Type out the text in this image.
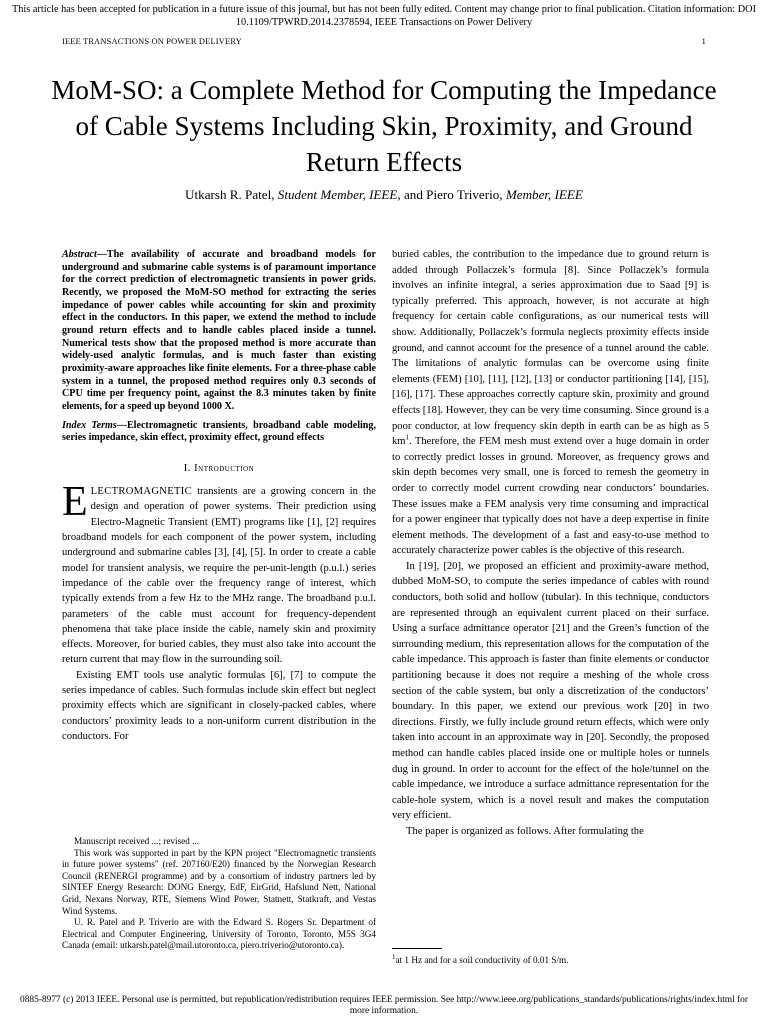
This article has been accepted for publication in a future issue of this journal, but has not been fully edited. Content may change prior to final publication. Citation information: DOI 10.1109/TPWRD.2014.2378594, IEEE Transactions on Power Delivery
IEEE TRANSACTIONS ON POWER DELIVERY	1
MoM-SO: a Complete Method for Computing the Impedance of Cable Systems Including Skin, Proximity, and Ground Return Effects
Utkarsh R. Patel, Student Member, IEEE, and Piero Triverio, Member, IEEE

Abstract—The availability of accurate and broadband models for underground and submarine cable systems is of paramount importance for the correct prediction of electromagnetic transients in power grids. Recently, we proposed the MoM-SO method for extracting the series impedance of power cables while accounting for skin and proximity effect in the conductors. In this paper, we extend the method to include ground return effects and to handle cables placed inside a tunnel. Numerical tests show that the proposed method is more accurate than widely-used analytic formulas, and is much faster than existing proximity-aware approaches like finite elements. For a three-phase cable system in a tunnel, the proposed method requires only 0.3 seconds of CPU time per frequency point, against the 8.3 minutes taken by finite elements, for a speed up beyond 1000 X.

Index Terms—Electromagnetic transients, broadband cable modeling, series impedance, skin effect, proximity effect, ground effects

I. Introduction

ELECTROMAGNETIC transients are a growing concern in the design and operation of power systems. Their prediction using Electro-Magnetic Transient (EMT) programs like [1], [2] requires broadband models for each component of the power system, including underground and submarine cables [3], [4], [5]. In order to create a cable model for transient analysis, we require the per-unit-length (p.u.l.) series impedance of the cable over the frequency range of interest, which typically extends from a few Hz to the MHz range. The broadband p.u.l. parameters of the cable must account for frequency-dependent phenomena that take place inside the cable, namely skin and proximity effects. Moreover, for buried cables, they must also take into account the return current that may flow in the surrounding soil.

Existing EMT tools use analytic formulas [6], [7] to compute the series impedance of cables. Such formulas include skin effect but neglect proximity effects which are significant in closely-packed cables, where conductors’ proximity leads to a non-uniform current distribution in the conductors. For

Manuscript received ...; revised ...

This work was supported in part by the KPN project "Electromagnetic transients in future power systems" (ref. 207160/E20) financed by the Norwegian Research Council (RENERGI programme) and by a consortium of industry partners led by SINTEF Energy Research: DONG Energy, EdF, EirGrid, Hafslund Nett, National Grid, Nexans Norway, RTE, Siemens Wind Power, Statnett, Statkraft, and Vestas Wind Systems.

U. R. Patel and P. Triverio are with the Edward S. Rogers Sr. Department of Electrical and Computer Engineering, University of Toronto, Toronto, M5S 3G4 Canada (email: utkarsh.patel@mail.utoronto.ca, piero.triverio@utoronto.ca).

buried cables, the contribution to the impedance due to ground return is added through Pollaczek’s formula [8]. Since Pollaczek’s formula involves an infinite integral, a series approximation due to Saad [9] is typically preferred. This approach, however, is not accurate at high frequency for certain cable configurations, as our numerical tests will show. Additionally, Pollaczek’s formula neglects proximity effects inside ground, and cannot account for the presence of a tunnel around the cable. The limitations of analytic formulas can be overcome using finite elements (FEM) [10], [11], [12], [13] or conductor partitioning [14], [15], [16], [17]. These approaches correctly capture skin, proximity and ground effects [18]. However, they can be very time consuming. Since ground is a poor conductor, at low frequency skin depth in earth can be as high as 5 $km^1$. Therefore, the FEM mesh must extend over a huge domain in order to correctly predict losses in ground. Moreover, as frequency grows and skin depth becomes very small, one is forced to remesh the geometry in order to correctly model current crowding near conductors’ boundaries. These issues make a FEM analysis very time consuming and impractical for a power engineer that typically does not have a deep expertise in finite element methods. The development of a fast and easy-to-use method to accurately characterize power cables is the objective of this research.

In [19], [20], we proposed an efficient and proximity-aware method, dubbed MoM-SO, to compute the series impedance of cables with round conductors, both solid and hollow (tubular). In this technique, conductors are represented through an equivalent current placed on their surface. Using a surface admittance operator [21] and the Green’s function of the surrounding medium, this representation allows for the computation of the cable impedance. This approach is faster than finite elements or conductor partitioning because it does not require a meshing of the whole cross section of the cable system, but only a discretization of the conductors’ boundary. In this paper, we extend our previous work [20] in two directions. Firstly, we fully include ground return effects, which were only taken into account in an approximate way in [20]. Secondly, the proposed method can handle cables placed inside one or multiple holes or tunnels dug in ground. In order to account for the effect of the hole/tunnel on the cable impedance, we introduce a surface admittance representation for the cable-hole system, which is a novel result and makes the computation very efficient.

The paper is organized as follows. After formulating the

$^1$at 1 Hz and for a soil conductivity of 0.01 S/m.
0885-8977 (c) 2013 IEEE. Personal use is permitted, but republication/redistribution requires IEEE permission. See http://www.ieee.org/publications_standards/publications/rights/index.html for more information.
